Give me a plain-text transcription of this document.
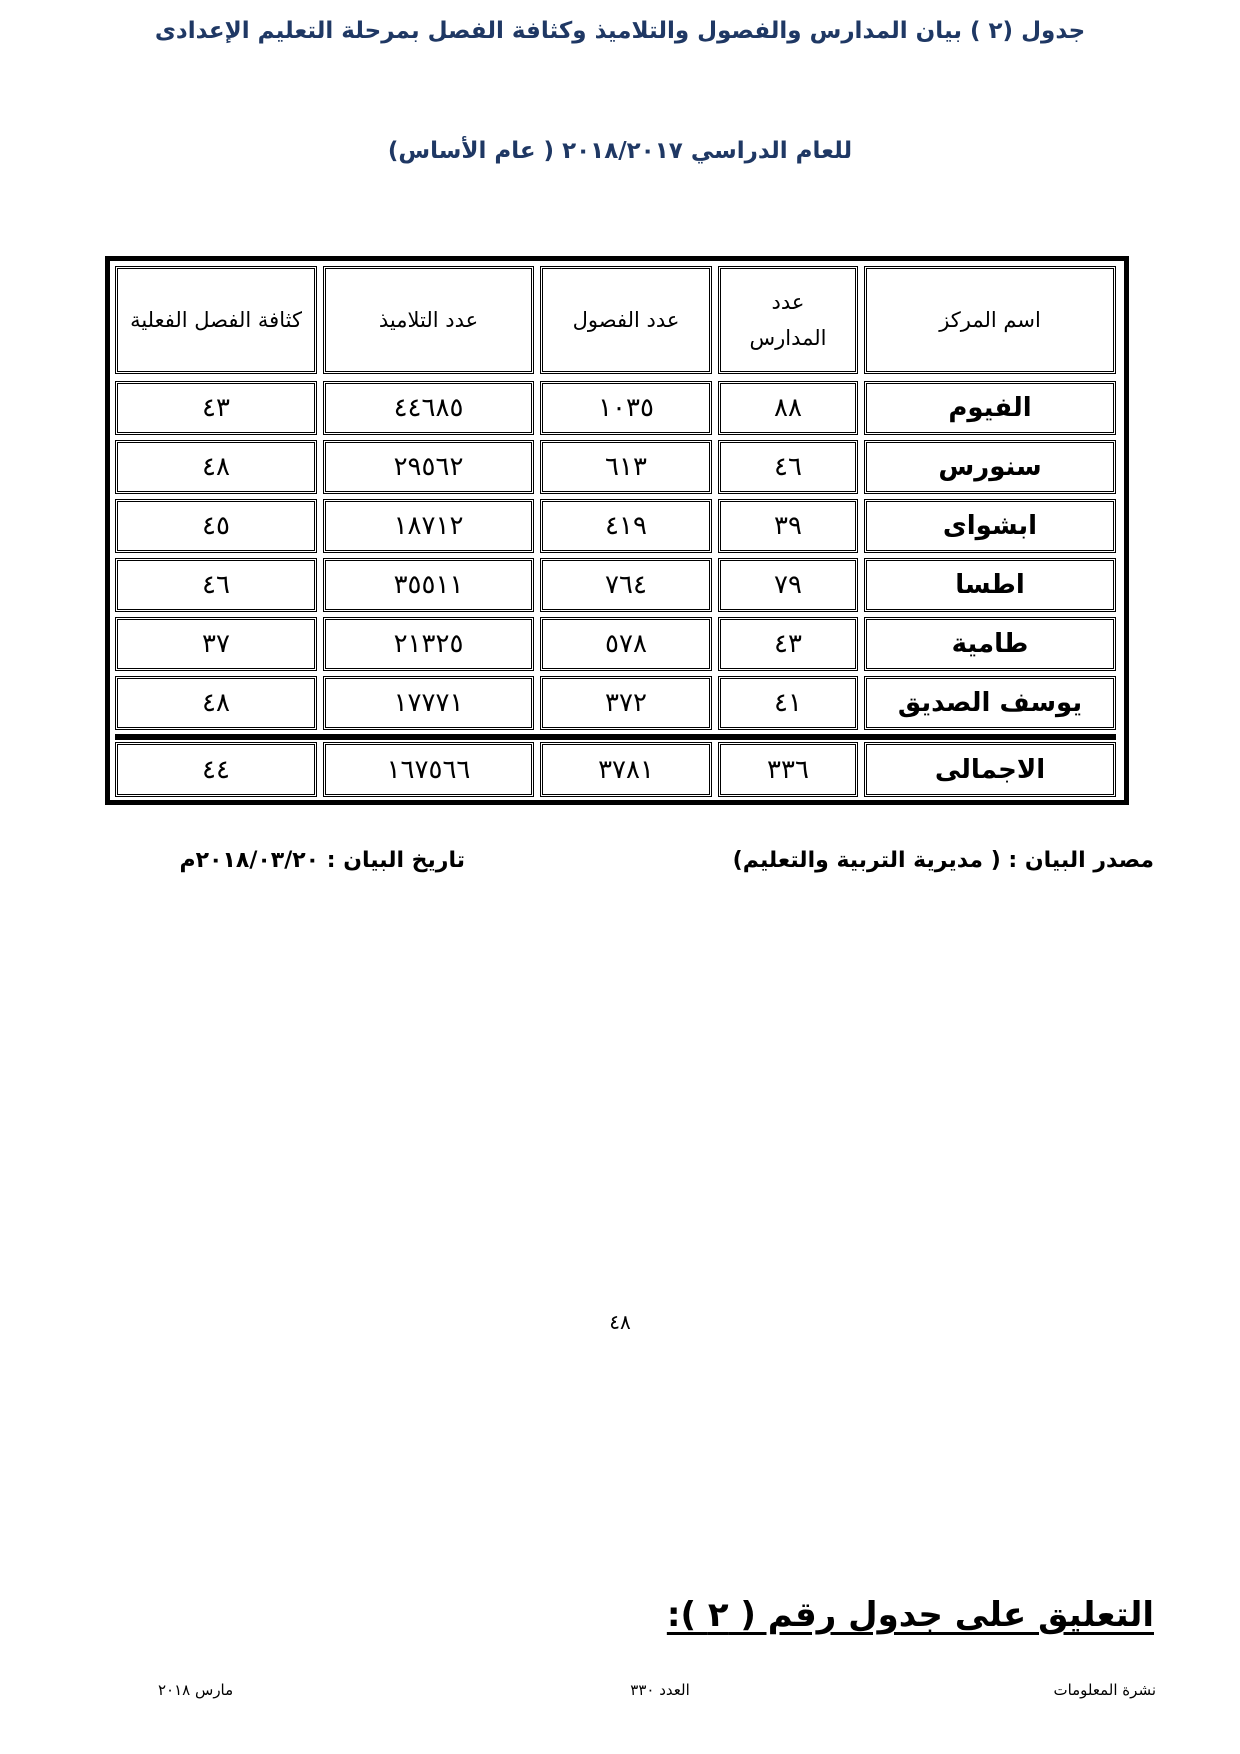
جدول (٢ ) بيان المدارس والفصول والتلاميذ وكثافة الفصل بمرحلة التعليم الإعدادى
للعام الدراسي ٢٠١٨/٢٠١٧ ( عام الأساس)
اسم المركز
عدد المدارس
عدد الفصول
عدد التلاميذ
كثافة الفصل الفعلية
الفيوم
٨٨
١٠٣٥
٤٤٦٨٥
٤٣
سنورس
٤٦
٦١٣
٢٩٥٦٢
٤٨
ابشواى
٣٩
٤١٩
١٨٧١٢
٤٥
اطسا
٧٩
٧٦٤
٣٥٥١١
٤٦
طامية
٤٣
٥٧٨
٢١٣٢٥
٣٧
يوسف الصديق
٤١
٣٧٢
١٧٧٧١
٤٨
الاجمالى
٣٣٦
٣٧٨١
١٦٧٥٦٦
٤٤
مصدر البيان : ( مديرية التربية والتعليم)
تاريخ البيان : ٢٠١٨/٠٣/٢٠م
٤٨
التعليق على جدول رقم ( ٢ ):
نشرة المعلومات
العدد ٣٣٠
مارس ٢٠١٨
